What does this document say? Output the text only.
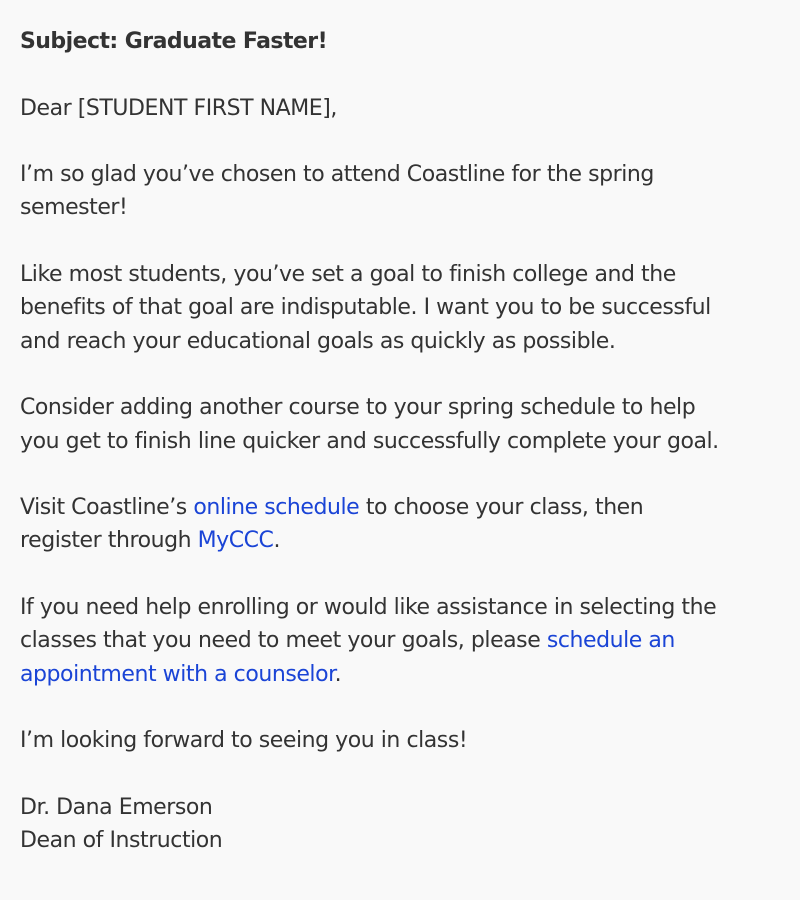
Subject: Graduate Faster!

Dear [STUDENT FIRST NAME],

I’m so glad you’ve chosen to attend Coastline for the spring
semester!

Like most students, you’ve set a goal to finish college and the
benefits of that goal are indisputable. I want you to be successful
and reach your educational goals as quickly as possible.

Consider adding another course to your spring schedule to help
you get to finish line quicker and successfully complete your goal.

Visit Coastline’s online schedule to choose your class, then
register through MyCCC.

If you need help enrolling or would like assistance in selecting the
classes that you need to meet your goals, please schedule an
appointment with a counselor.

I’m looking forward to seeing you in class!

Dr. Dana Emerson
Dean of Instruction
